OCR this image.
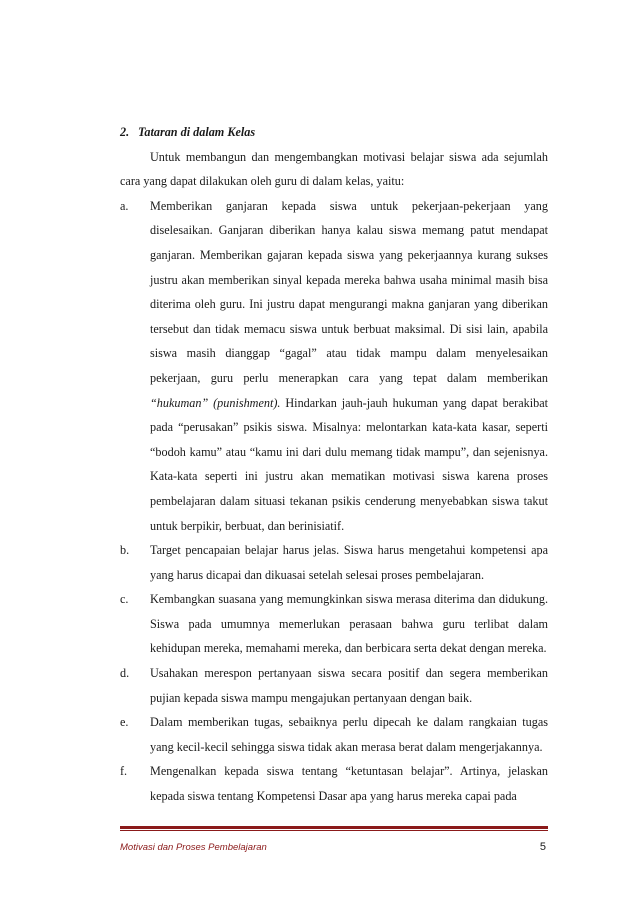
2. Tataran di dalam Kelas
Untuk membangun dan mengembangkan motivasi belajar siswa ada sejumlah cara yang dapat dilakukan oleh guru di dalam kelas, yaitu:
a.	Memberikan ganjaran kepada siswa untuk pekerjaan-pekerjaan yang diselesaikan. Ganjaran diberikan hanya kalau siswa memang patut mendapat ganjaran. Memberikan gajaran kepada siswa yang pekerjaannya kurang sukses justru akan memberikan sinyal kepada mereka bahwa usaha minimal masih bisa diterima oleh guru. Ini justru dapat mengurangi makna ganjaran yang diberikan tersebut dan tidak memacu siswa untuk berbuat maksimal. Di sisi lain, apabila siswa masih dianggap “gagal” atau tidak mampu dalam menyelesaikan pekerjaan, guru perlu menerapkan cara yang tepat dalam memberikan “hukuman” (punishment). Hindarkan jauh-jauh hukuman yang dapat berakibat pada “perusakan” psikis siswa. Misalnya: melontarkan kata-kata kasar, seperti “bodoh kamu” atau “kamu ini dari dulu memang tidak mampu”, dan sejenisnya. Kata-kata seperti ini justru akan mematikan motivasi siswa karena proses pembelajaran dalam situasi tekanan psikis cenderung menyebabkan siswa takut untuk berpikir, berbuat, dan berinisiatif.
b.	Target pencapaian belajar harus jelas. Siswa harus mengetahui kompetensi apa yang harus dicapai dan dikuasai setelah selesai proses pembelajaran.
c.	Kembangkan suasana yang memungkinkan siswa merasa diterima dan didukung. Siswa pada umumnya memerlukan perasaan bahwa guru terlibat dalam kehidupan mereka, memahami mereka, dan berbicara serta dekat dengan mereka.
d.	Usahakan merespon pertanyaan siswa secara positif dan segera memberikan pujian kepada siswa mampu mengajukan pertanyaan dengan baik.
e.	Dalam memberikan tugas, sebaiknya perlu dipecah ke dalam rangkaian tugas yang kecil-kecil sehingga siswa tidak akan merasa berat dalam mengerjakannya.
f.	Mengenalkan kepada siswa tentang “ketuntasan belajar”. Artinya, jelaskan kepada siswa tentang Kompetensi Dasar apa yang harus mereka capai pada
Motivasi dan Proses Pembelajaran	5
